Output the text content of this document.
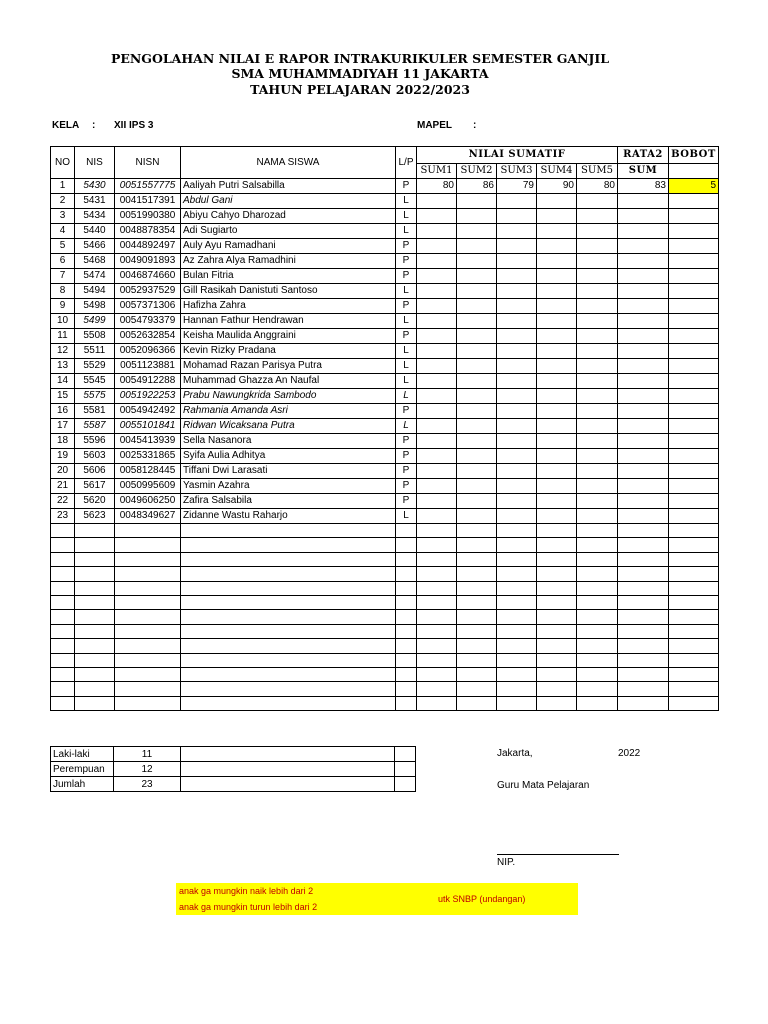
PENGOLAHAN NILAI E RAPOR INTRAKURIKULER SEMESTER GANJIL
SMA MUHAMMADIYAH 11 JAKARTA
TAHUN PELAJARAN 2022/2023
KELA : XII IPS 3	MAPEL :
NO	NIS	NISN	NAMA SISWA	L/P	NILAI SUMATIF					RATA2	BOBOT
					SUM1	SUM2	SUM3	SUM4	SUM5	SUM	
1	5430	0051557775	Aaliyah Putri Salsabilla	P	80	86	79	90	80	83	5
2	5431	0041517391	Abdul Gani	L							
3	5434	0051990380	Abiyu Cahyo Dharozad	L							
4	5440	0048878354	Adi Sugiarto	L							
5	5466	0044892497	Auly Ayu Ramadhani	P							
6	5468	0049091893	Az Zahra Alya Ramadhini	P							
7	5474	0046874660	Bulan Fitria	P							
8	5494	0052937529	Gill Rasikah Danistuti Santoso	L							
9	5498	0057371306	Hafizha Zahra	P							
10	5499	0054793379	Hannan Fathur Hendrawan	L							
11	5508	0052632854	Keisha Maulida Anggraini	P							
12	5511	0052096366	Kevin Rizky Pradana	L							
13	5529	0051123881	Mohamad Razan Parisya Putra	L							
14	5545	0054912288	Muhammad Ghazza An Naufal	L							
15	5575	0051922253	Prabu Nawungkrida Sambodo	L							
16	5581	0054942492	Rahmania Amanda Asri	P							
17	5587	0055101841	Ridwan Wicaksana Putra	L							
18	5596	0045413939	Sella Nasanora	P							
19	5603	0025331865	Syifa Aulia Adhitya	P							
20	5606	0058128445	Tiffani Dwi Larasati	P							
21	5617	0050995609	Yasmin Azahra	P							
22	5620	0049606250	Zafira Salsabila	P							
23	5623	0048349627	Zidanne Wastu Raharjo	L							

Laki-laki	11		
Perempuan	12		
Jumlah	23		
Jakarta,	2022
Guru Mata Pelajaran
NIP.
anak ga mungkin naik lebih dari 2
anak ga mungkin turun lebih dari 2
utk SNBP (undangan)
